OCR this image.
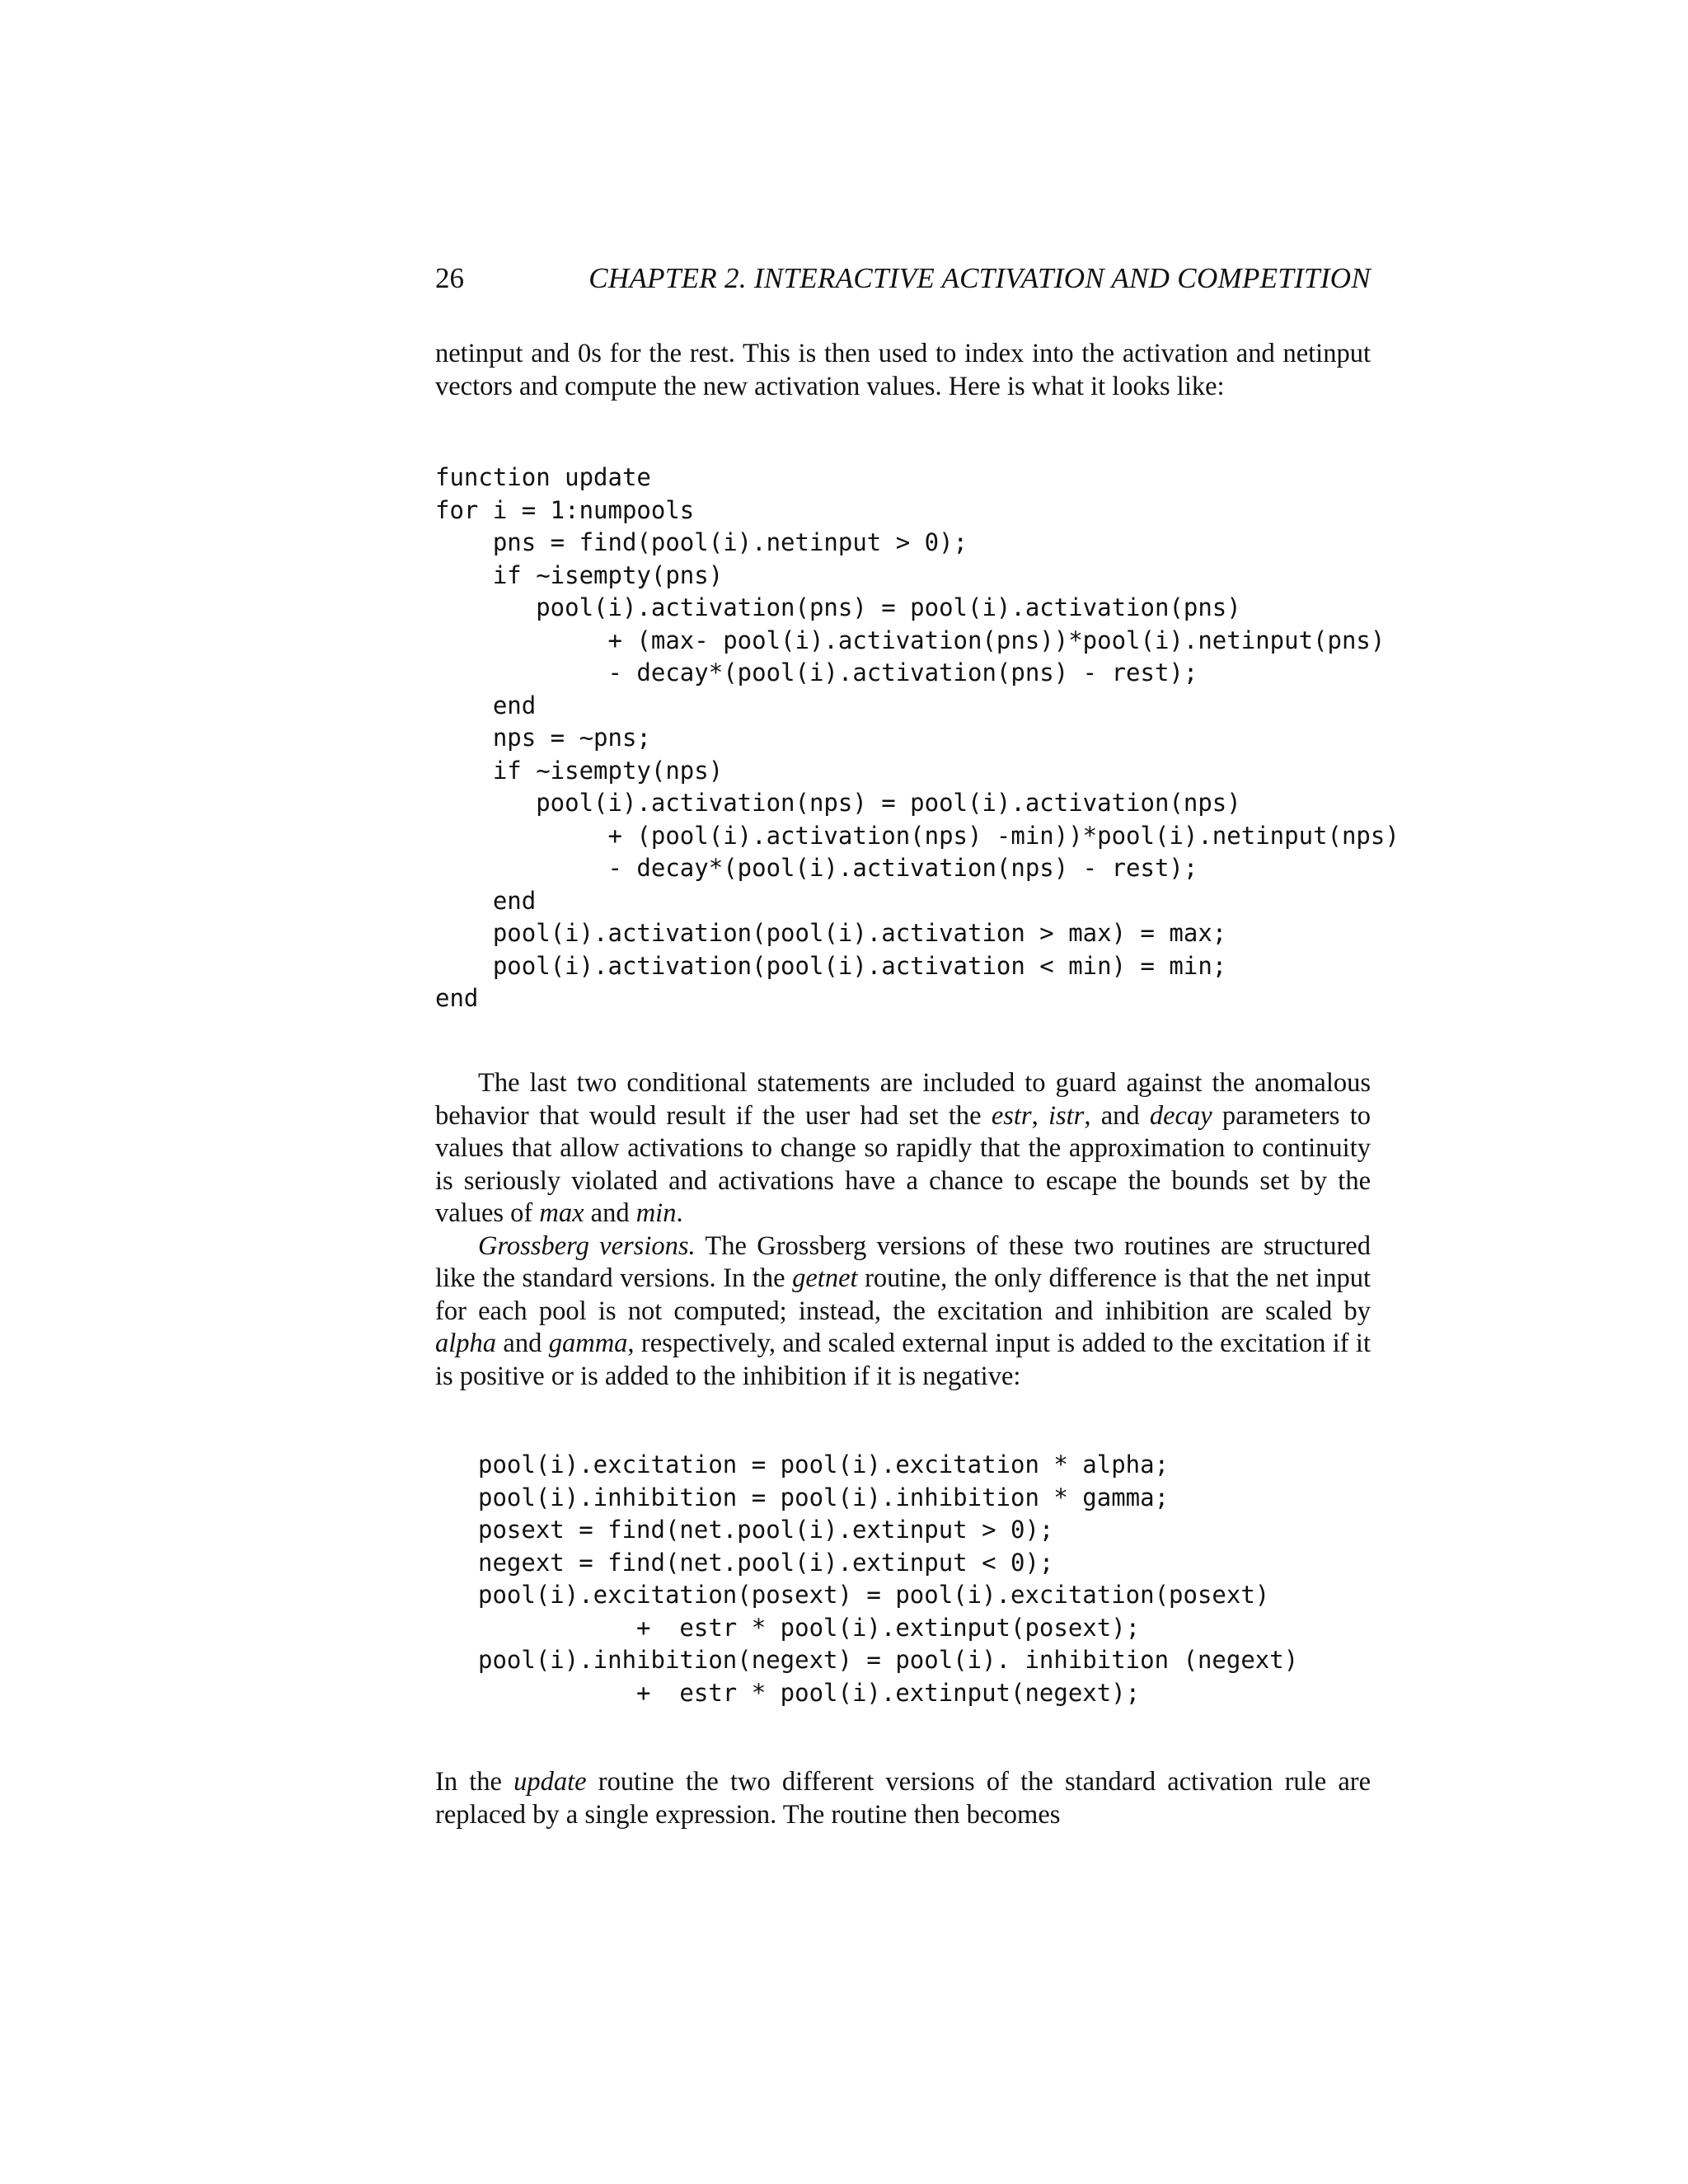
26	CHAPTER 2. INTERACTIVE ACTIVATION AND COMPETITION

netinput and 0s for the rest. This is then used to index into the activation and netinput vectors and compute the new activation values. Here is what it looks like:

function update
for i = 1:numpools
pns = find(pool(i).netinput > 0);
if ~isempty(pns)
pool(i).activation(pns) = pool(i).activation(pns)
+ (max- pool(i).activation(pns))*pool(i).netinput(pns)
- decay*(pool(i).activation(pns) - rest);
end
nps = ~pns;
if ~isempty(nps)
pool(i).activation(nps) = pool(i).activation(nps)
+ (pool(i).activation(nps) -min))*pool(i).netinput(nps)
- decay*(pool(i).activation(nps) - rest);
end
pool(i).activation(pool(i).activation > max) = max;
pool(i).activation(pool(i).activation < min) = min;
end

The last two conditional statements are included to guard against the anomalous behavior that would result if the user had set the estr, istr, and decay parameters to values that allow activations to change so rapidly that the approximation to continuity is seriously violated and activations have a chance to escape the bounds set by the values of max and min.

Grossberg versions. The Grossberg versions of these two routines are structured like the standard versions. In the getnet routine, the only difference is that the net input for each pool is not computed; instead, the excitation and inhibition are scaled by alpha and gamma, respectively, and scaled external input is added to the excitation if it is positive or is added to the inhibition if it is negative:

pool(i).excitation = pool(i).excitation * alpha;
pool(i).inhibition = pool(i).inhibition * gamma;
posext = find(net.pool(i).extinput > 0);
negext = find(net.pool(i).extinput < 0);
pool(i).excitation(posext) = pool(i).excitation(posext)
+  estr * pool(i).extinput(posext);
pool(i).inhibition(negext) = pool(i). inhibition (negext)
+  estr * pool(i).extinput(negext);

In the update routine the two different versions of the standard activation rule are replaced by a single expression. The routine then becomes
